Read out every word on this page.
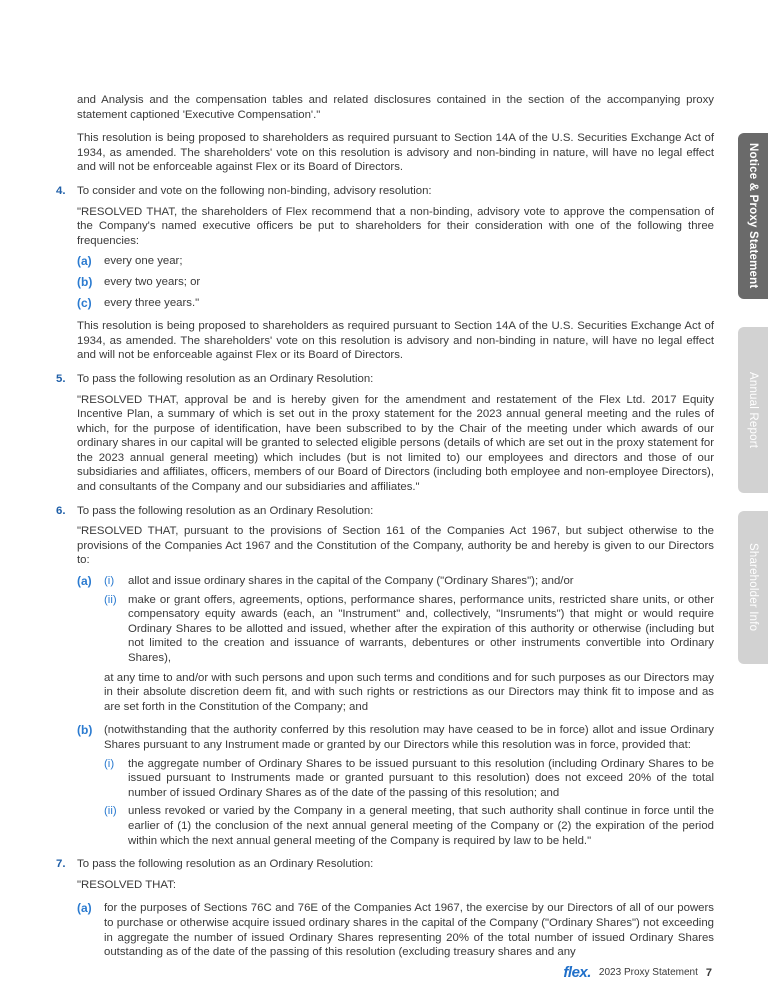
and Analysis and the compensation tables and related disclosures contained in the section of the accompanying proxy statement captioned 'Executive Compensation'."

This resolution is being proposed to shareholders as required pursuant to Section 14A of the U.S. Securities Exchange Act of 1934, as amended. The shareholders' vote on this resolution is advisory and non-binding in nature, will have no legal effect and will not be enforceable against Flex or its Board of Directors.

4.	To consider and vote on the following non-binding, advisory resolution:

"RESOLVED THAT, the shareholders of Flex recommend that a non-binding, advisory vote to approve the compensation of the Company's named executive officers be put to shareholders for their consideration with one of the following three frequencies:

(a)	every one year;
(b)	every two years; or
(c)	every three years."

This resolution is being proposed to shareholders as required pursuant to Section 14A of the U.S. Securities Exchange Act of 1934, as amended. The shareholders' vote on this resolution is advisory and non-binding in nature, will have no legal effect and will not be enforceable against Flex or its Board of Directors.

5.	To pass the following resolution as an Ordinary Resolution:

"RESOLVED THAT, approval be and is hereby given for the amendment and restatement of the Flex Ltd. 2017 Equity Incentive Plan, a summary of which is set out in the proxy statement for the 2023 annual general meeting and the rules of which, for the purpose of identification, have been subscribed to by the Chair of the meeting under which awards of our ordinary shares in our capital will be granted to selected eligible persons (details of which are set out in the proxy statement for the 2023 annual general meeting) which includes (but is not limited to) our employees and directors and those of our subsidiaries and affiliates, officers, members of our Board of Directors (including both employee and non-employee Directors), and consultants of the Company and our subsidiaries and affiliates."

6.	To pass the following resolution as an Ordinary Resolution:

"RESOLVED THAT, pursuant to the provisions of Section 161 of the Companies Act 1967, but subject otherwise to the provisions of the Companies Act 1967 and the Constitution of the Company, authority be and hereby is given to our Directors to:

(a)	(i)	allot and issue ordinary shares in the capital of the Company ("Ordinary Shares"); and/or
(ii) make or grant offers, agreements, options, performance shares, performance units, restricted share units, or other compensatory equity awards (each, an "Instrument" and, collectively, "Insruments") that might or would require Ordinary Shares to be allotted and issued, whether after the expiration of this authority or otherwise (including but not limited to the creation and issuance of warrants, debentures or other instruments convertible into Ordinary Shares),

at any time to and/or with such persons and upon such terms and conditions and for such purposes as our Directors may in their absolute discretion deem fit, and with such rights or restrictions as our Directors may think fit to impose and as are set forth in the Constitution of the Company; and

(b)	(notwithstanding that the authority conferred by this resolution may have ceased to be in force) allot and issue Ordinary Shares pursuant to any Instrument made or granted by our Directors while this resolution was in force, provided that:

(i)	the aggregate number of Ordinary Shares to be issued pursuant to this resolution (including Ordinary Shares to be issued pursuant to Instruments made or granted pursuant to this resolution) does not exceed 20% of the total number of issued Ordinary Shares as of the date of the passing of this resolution; and
(ii) unless revoked or varied by the Company in a general meeting, that such authority shall continue in force until the earlier of (1) the conclusion of the next annual general meeting of the Company or (2) the expiration of the period within which the next annual general meeting of the Company is required by law to be held."
7.	To pass the following resolution as an Ordinary Resolution:

"RESOLVED THAT:

(a)	for the purposes of Sections 76C and 76E of the Companies Act 1967, the exercise by our Directors of all of our powers to purchase or otherwise acquire issued ordinary shares in the capital of the Company ("Ordinary Shares") not exceeding in aggregate the number of issued Ordinary Shares representing 20% of the total number of issued Ordinary Shares outstanding as of the date of the passing of this resolution (excluding treasury shares and any
Notice & Proxy Statement
Annual Report
Shareholder Info
flex. 2023 Proxy Statement 7
